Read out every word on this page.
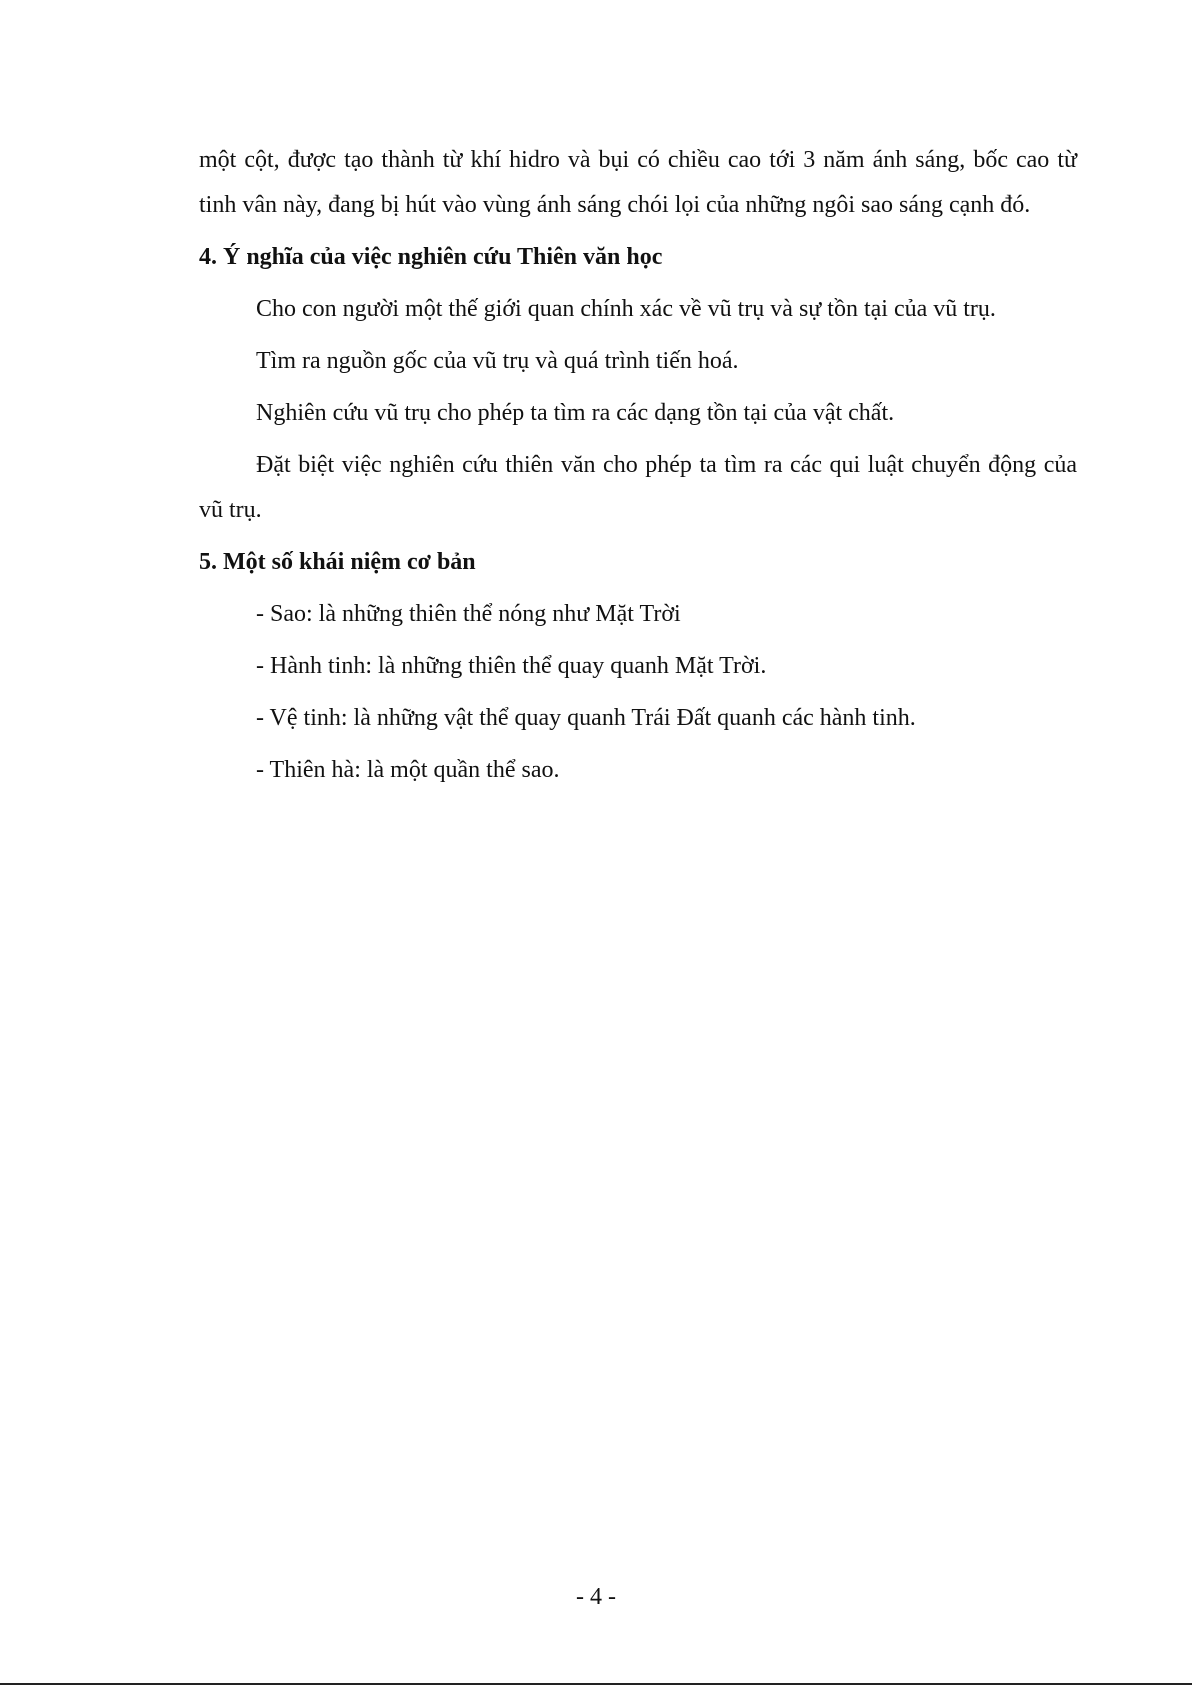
một cột, được tạo thành từ khí hidro và bụi có chiều cao tới 3 năm ánh sáng, bốc cao từ tinh vân này, đang bị hút vào vùng ánh sáng chói lọi của những ngôi sao sáng cạnh đó.

4. Ý nghĩa của việc nghiên cứu Thiên văn học

Cho con người một thế giới quan chính xác về vũ trụ và sự tồn tại của vũ trụ.

Tìm ra nguồn gốc của vũ trụ và quá trình tiến hoá.

Nghiên cứu vũ trụ cho phép ta tìm ra các dạng tồn tại của vật chất.

Đặt biệt việc nghiên cứu thiên văn cho phép ta tìm ra các qui luật chuyển động của vũ trụ.

5. Một số khái niệm cơ bản

- Sao: là những thiên thể nóng như Mặt Trời

- Hành tinh: là những thiên thể quay quanh Mặt Trời.

- Vệ tinh: là những vật thể quay quanh Trái Đất quanh các hành tinh.

- Thiên hà: là một quần thể sao.

- 4 -
